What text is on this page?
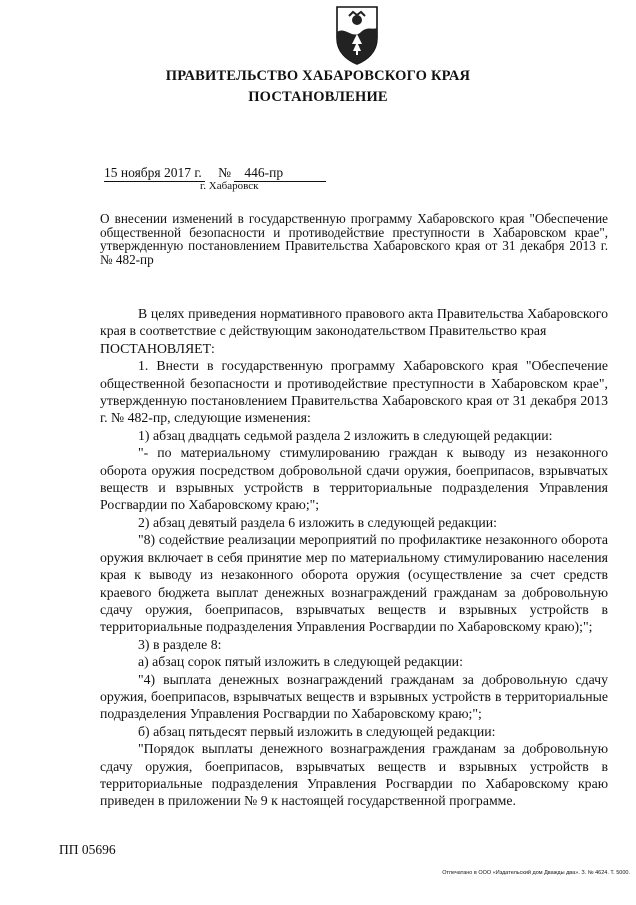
ПРАВИТЕЛЬСТВО ХАБАРОВСКОГО КРАЯ
ПОСТАНОВЛЕНИЕ
15 ноября 2017 г. № 446-пр
г. Хабаровск
О внесении изменений в государственную программу Хабаровского края "Обеспечение общественной безопасности и противодействие преступности в Хабаровском крае", утвержденную постановлением Правительства Хабаровского края от 31 декабря 2013 г. № 482-пр

В целях приведения нормативного правового акта Правительства Хабаровского края в соответствие с действующим законодательством Правительство края

ПОСТАНОВЛЯЕТ:

1. Внести в государственную программу Хабаровского края "Обеспечение общественной безопасности и противодействие преступности в Хабаровском крае", утвержденную постановлением Правительства Хабаровского края от 31 декабря 2013 г. № 482-пр, следующие изменения:

1) абзац двадцать седьмой раздела 2 изложить в следующей редакции:

"- по материальному стимулированию граждан к выводу из незаконного оборота оружия посредством добровольной сдачи оружия, боеприпасов, взрывчатых веществ и взрывных устройств в территориальные подразделения Управления Росгвардии по Хабаровскому краю;";

2) абзац девятый раздела 6 изложить в следующей редакции:

"8) содействие реализации мероприятий по профилактике незаконного оборота оружия включает в себя принятие мер по материальному стимулированию населения края к выводу из незаконного оборота оружия (осуществление за счет средств краевого бюджета выплат денежных вознаграждений гражданам за добровольную сдачу оружия, боеприпасов, взрывчатых веществ и взрывных устройств в территориальные подразделения Управления Росгвардии по Хабаровскому краю);";

3) в разделе 8:

а) абзац сорок пятый изложить в следующей редакции:

"4) выплата денежных вознаграждений гражданам за добровольную сдачу оружия, боеприпасов, взрывчатых веществ и взрывных устройств в территориальные подразделения Управления Росгвардии по Хабаровскому краю;";

б) абзац пятьдесят первый изложить в следующей редакции:

"Порядок выплаты денежного вознаграждения гражданам за добровольную сдачу оружия, боеприпасов, взрывчатых веществ и взрывных устройств в территориальные подразделения Управления Росгвардии по Хабаровскому краю приведен в приложении № 9 к настоящей государственной программе.

ПП 05696
Отпечатано в ООО «Издательский дом Дважды два». З. № 4624. Т. 5000.
